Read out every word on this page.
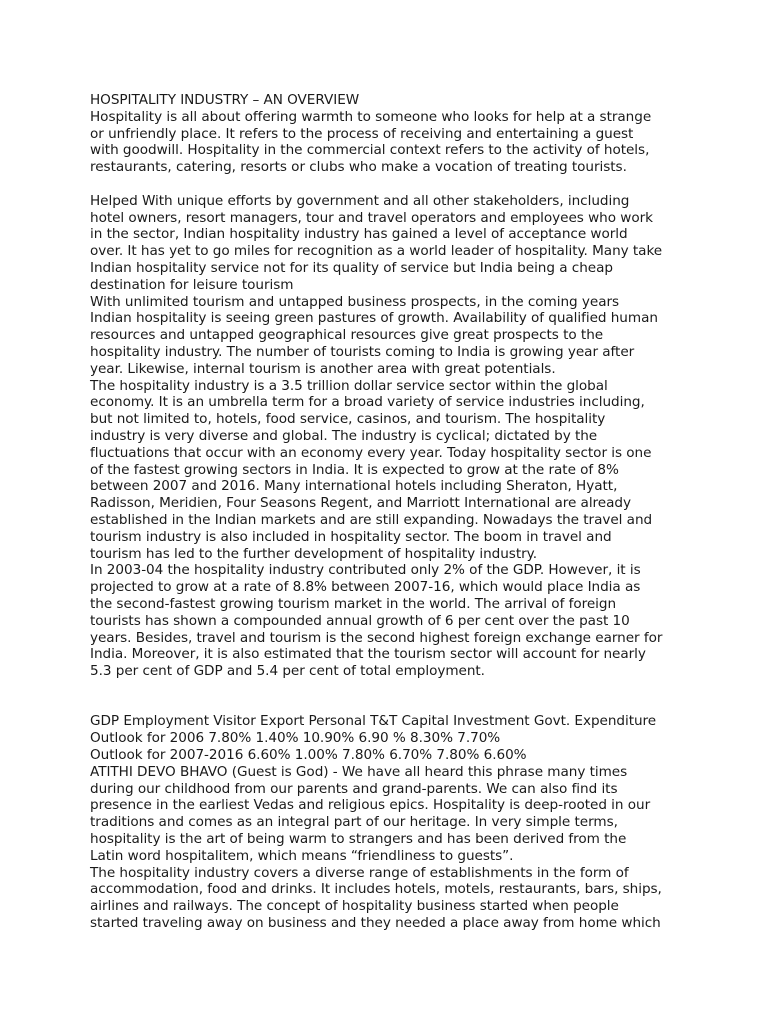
HOSPITALITY INDUSTRY – AN OVERVIEW
Hospitality is all about offering warmth to someone who looks for help at a strange
or unfriendly place. It refers to the process of receiving and entertaining a guest
with goodwill. Hospitality in the commercial context refers to the activity of hotels,
restaurants, catering, resorts or clubs who make a vocation of treating tourists.
Helped With unique efforts by government and all other stakeholders, including
hotel owners, resort managers, tour and travel operators and employees who work
in the sector, Indian hospitality industry has gained a level of acceptance world
over. It has yet to go miles for recognition as a world leader of hospitality. Many take
Indian hospitality service not for its quality of service but India being a cheap
destination for leisure tourism
With unlimited tourism and untapped business prospects, in the coming years
Indian hospitality is seeing green pastures of growth. Availability of qualified human
resources and untapped geographical resources give great prospects to the
hospitality industry. The number of tourists coming to India is growing year after
year. Likewise, internal tourism is another area with great potentials.
The hospitality industry is a 3.5 trillion dollar service sector within the global
economy. It is an umbrella term for a broad variety of service industries including,
but not limited to, hotels, food service, casinos, and tourism. The hospitality
industry is very diverse and global. The industry is cyclical; dictated by the
fluctuations that occur with an economy every year. Today hospitality sector is one
of the fastest growing sectors in India. It is expected to grow at the rate of 8%
between 2007 and 2016. Many international hotels including Sheraton, Hyatt,
Radisson, Meridien, Four Seasons Regent, and Marriott International are already
established in the Indian markets and are still expanding. Nowadays the travel and
tourism industry is also included in hospitality sector. The boom in travel and
tourism has led to the further development of hospitality industry.
In 2003-04 the hospitality industry contributed only 2% of the GDP. However, it is
projected to grow at a rate of 8.8% between 2007-16, which would place India as
the second-fastest growing tourism market in the world. The arrival of foreign
tourists has shown a compounded annual growth of 6 per cent over the past 10
years. Besides, travel and tourism is the second highest foreign exchange earner for
India. Moreover, it is also estimated that the tourism sector will account for nearly
5.3 per cent of GDP and 5.4 per cent of total employment.
GDP Employment Visitor Export Personal T&T Capital Investment Govt. Expenditure
Outlook for 2006 7.80% 1.40% 10.90% 6.90 % 8.30% 7.70%
Outlook for 2007-2016 6.60% 1.00% 7.80% 6.70% 7.80% 6.60%
ATITHI DEVO BHAVO (Guest is God) - We have all heard this phrase many times
during our childhood from our parents and grand-parents. We can also find its
presence in the earliest Vedas and religious epics. Hospitality is deep-rooted in our
traditions and comes as an integral part of our heritage. In very simple terms,
hospitality is the art of being warm to strangers and has been derived from the
Latin word hospitalitem, which means “friendliness to guests”.
The hospitality industry covers a diverse range of establishments in the form of
accommodation, food and drinks. It includes hotels, motels, restaurants, bars, ships,
airlines and railways. The concept of hospitality business started when people
started traveling away on business and they needed a place away from home which
